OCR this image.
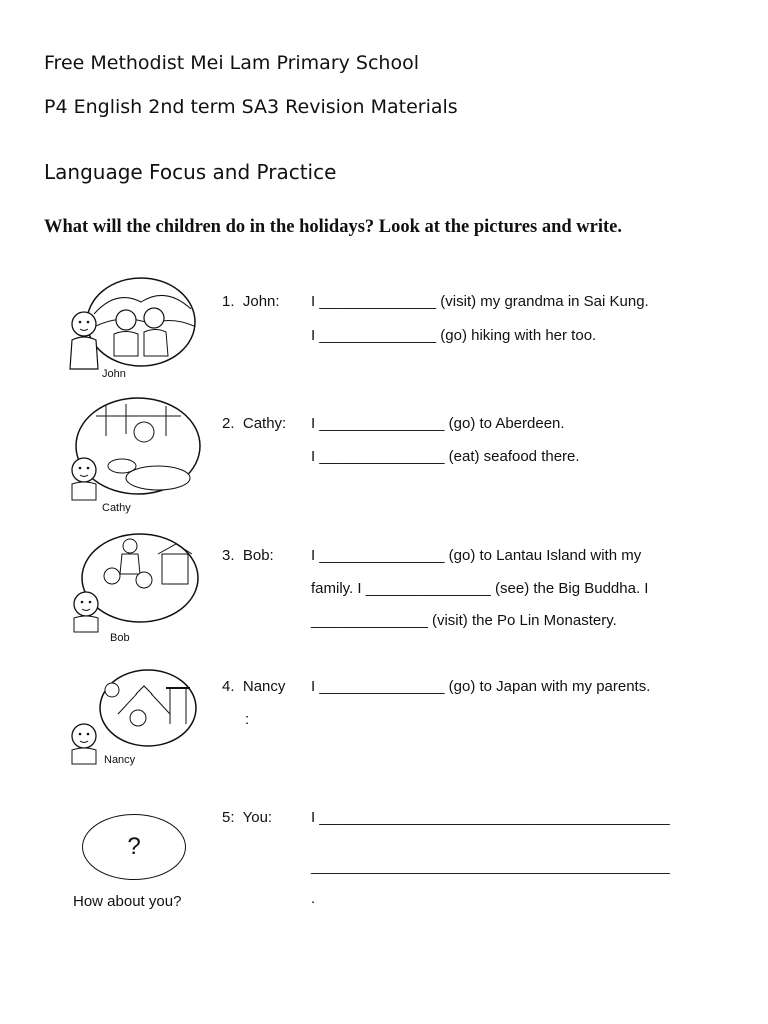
Free Methodist Mei Lam Primary School
P4 English 2nd term SA3 Revision Materials
Language Focus and Practice
What will the children do in the holidays? Look at the pictures and write.
John
1. John: I ______________ (visit) my grandma in Sai Kung.
I ______________ (go) hiking with her too.
Cathy
2. Cathy: I _______________ (go) to Aberdeen.
I _______________ (eat) seafood there.
Bob
3. Bob: I _______________ (go) to Lantau Island with my
family. I _______________ (see) the Big Buddha. I
______________ (visit) the Po Lin Monastery.
Nancy
4. Nancy
:
I _______________ (go) to Japan with my parents.
?
How about you?
5: You:	I __________________________________________
___________________________________________
.
